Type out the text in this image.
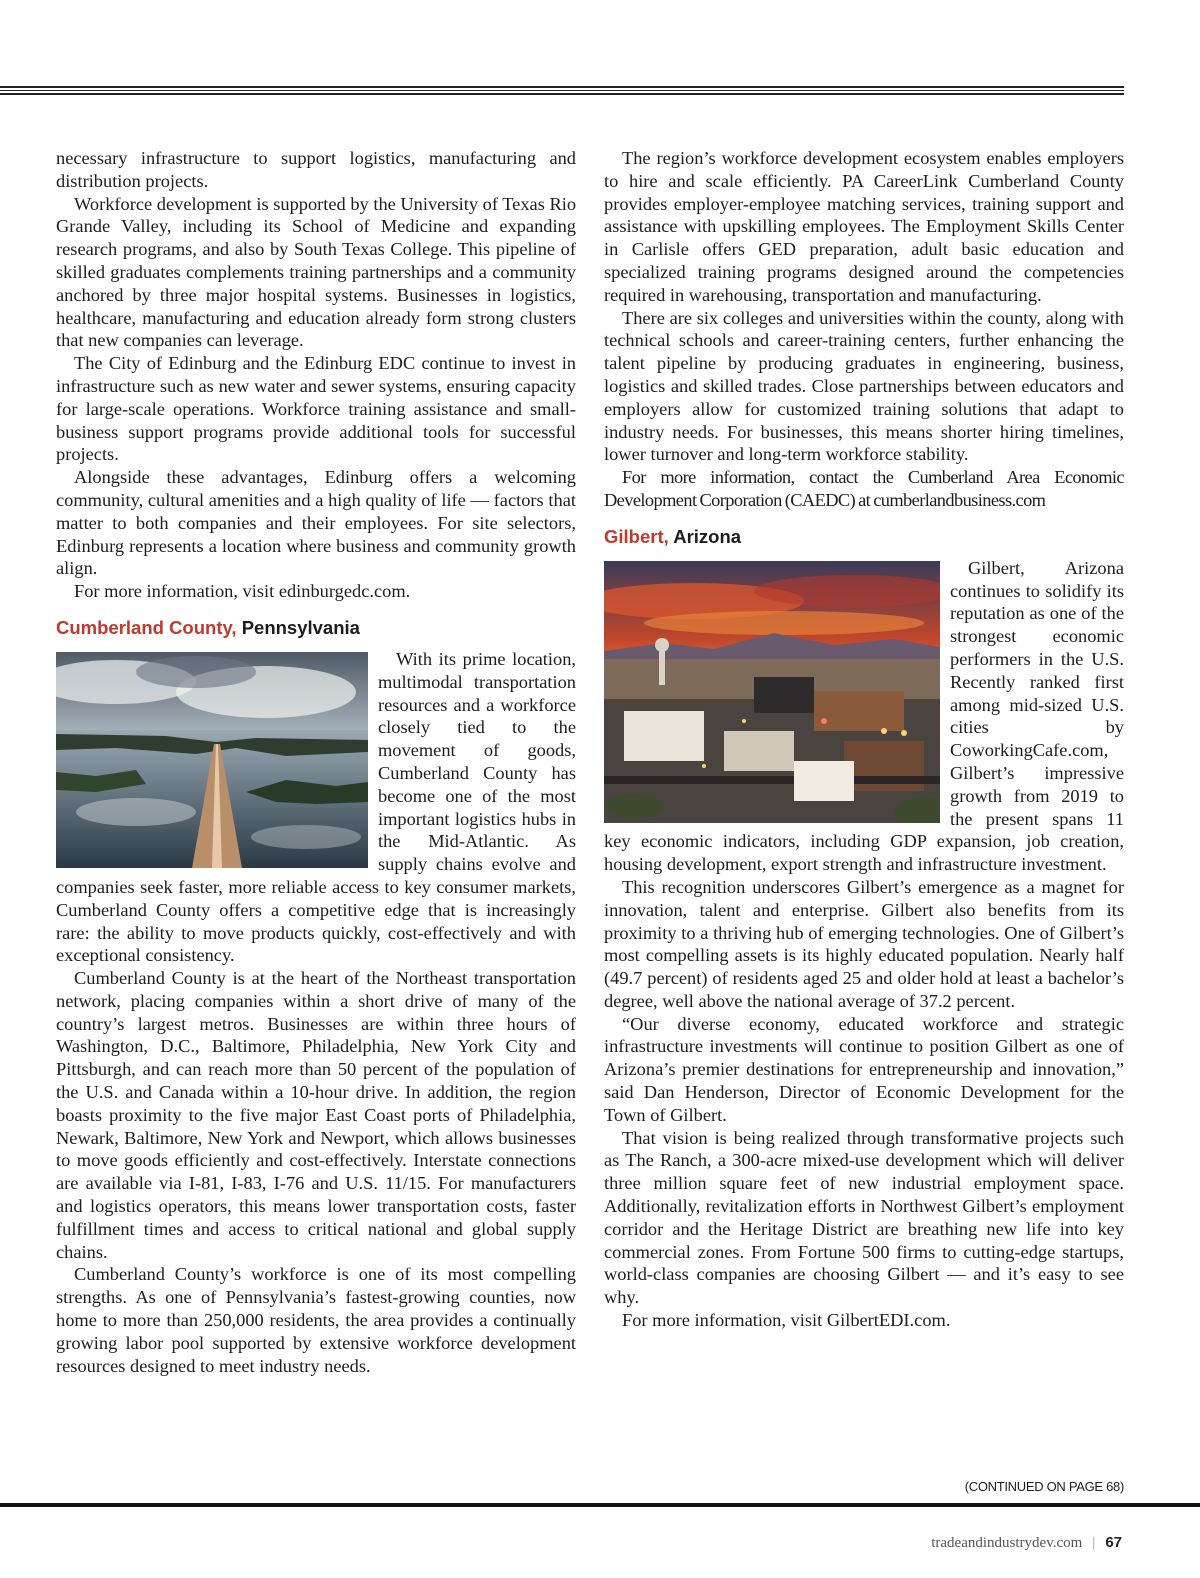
necessary infrastructure to support logistics, manufacturing and distribution projects.

Workforce development is supported by the University of Texas Rio Grande Valley, including its School of Medicine and expanding research programs, and also by South Texas College. This pipeline of skilled graduates complements training partnerships and a community anchored by three major hospital systems. Businesses in logistics, healthcare, manufacturing and education already form strong clusters that new companies can leverage.

The City of Edinburg and the Edinburg EDC continue to invest in infrastructure such as new water and sewer systems, ensuring capacity for large-scale operations. Workforce training assistance and small-business support programs provide additional tools for successful projects.

Alongside these advantages, Edinburg offers a welcoming community, cultural amenities and a high quality of life — factors that matter to both companies and their employees. For site selectors, Edinburg represents a location where business and community growth align.

For more information, visit edinburgedc.com.

Cumberland County, Pennsylvania

With its prime location, multimodal transportation resources and a workforce closely tied to the movement of goods, Cumberland County has become one of the most important logistics hubs in the Mid-Atlantic. As supply chains evolve and companies seek faster, more reliable access to key consumer markets, Cumberland County offers a competitive edge that is increasingly rare: the ability to move products quickly, cost-effectively and with exceptional consistency.

Cumberland County is at the heart of the Northeast transportation network, placing companies within a short drive of many of the country’s largest metros. Businesses are within three hours of Washington, D.C., Baltimore, Philadelphia, New York City and Pittsburgh, and can reach more than 50 percent of the population of the U.S. and Canada within a 10-hour drive. In addition, the region boasts proximity to the five major East Coast ports of Philadelphia, Newark, Baltimore, New York and Newport, which allows businesses to move goods efficiently and cost-effectively. Interstate connections are available via I-81, I-83, I-76 and U.S. 11/15. For manufacturers and logistics operators, this means lower transportation costs, faster fulfillment times and access to critical national and global supply chains.

Cumberland County’s workforce is one of its most compelling strengths. As one of Pennsylvania’s fastest-growing counties, now home to more than 250,000 residents, the area provides a continually growing labor pool supported by extensive workforce development resources designed to meet industry needs.

The region’s workforce development ecosystem enables employers to hire and scale efficiently. PA CareerLink Cumberland County provides employer-employee matching services, training support and assistance with upskilling employees. The Employment Skills Center in Carlisle offers GED preparation, adult basic education and specialized training programs designed around the competencies required in warehousing, transportation and manufacturing.

There are six colleges and universities within the county, along with technical schools and career-training centers, further enhancing the talent pipeline by producing graduates in engineering, business, logistics and skilled trades. Close partnerships between educators and employers allow for customized training solutions that adapt to industry needs. For businesses, this means shorter hiring timelines, lower turnover and long-term workforce stability.

For more information, contact the Cumberland Area Economic Development Corporation (CAEDC) at cumberlandbusiness.com

Gilbert, Arizona

Gilbert, Arizona continues to solidify its reputation as one of the strongest economic performers in the U.S. Recently ranked first among mid-sized U.S. cities by CoworkingCafe.com, Gilbert’s impressive growth from 2019 to the present spans 11 key economic indicators, including GDP expansion, job creation, housing development, export strength and infrastructure investment.

This recognition underscores Gilbert’s emergence as a magnet for innovation, talent and enterprise. Gilbert also benefits from its proximity to a thriving hub of emerging technologies. One of Gilbert’s most compelling assets is its highly educated population. Nearly half (49.7 percent) of residents aged 25 and older hold at least a bachelor’s degree, well above the national average of 37.2 percent.

“Our diverse economy, educated workforce and strategic infrastructure investments will continue to position Gilbert as one of Arizona’s premier destinations for entrepreneurship and innovation,” said Dan Henderson, Director of Economic Development for the Town of Gilbert.

That vision is being realized through transformative projects such as The Ranch, a 300-acre mixed-use development which will deliver three million square feet of new industrial employment space. Additionally, revitalization efforts in Northwest Gilbert’s employment corridor and the Heritage District are breathing new life into key commercial zones. From Fortune 500 firms to cutting-edge startups, world-class companies are choosing Gilbert — and it’s easy to see why.

For more information, visit GilbertEDI.com.

(CONTINUED ON PAGE 68)
tradeandindustrydev.com | 67
